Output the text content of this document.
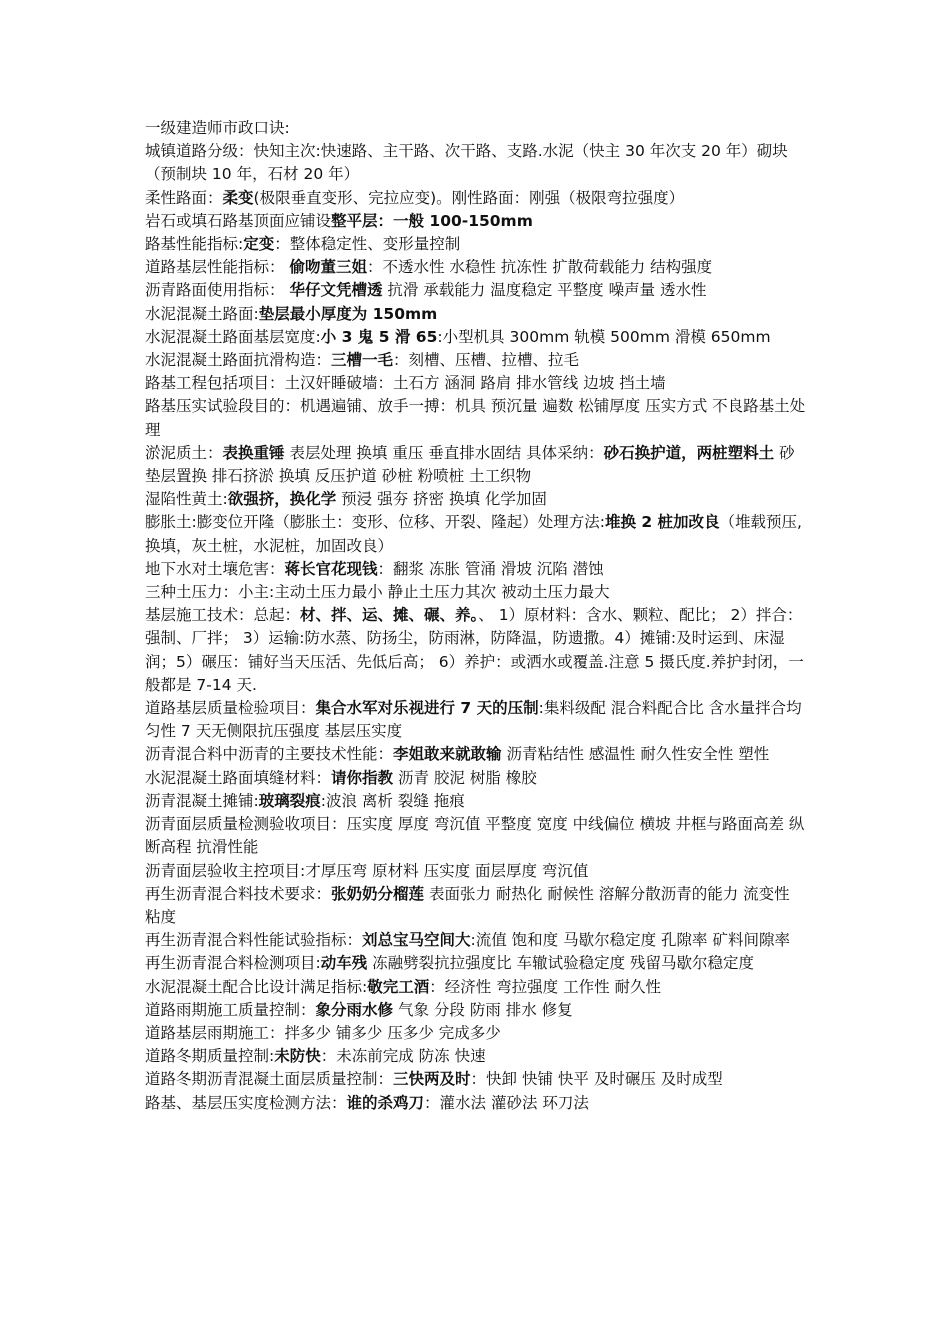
一级建造师市政口诀:

城镇道路分级：快知主次:快速路、主干路、次干路、支路.水泥（快主 30 年次支 20 年）砌块（预制块 10 年，石材 20 年）

柔性路面：柔变(极限垂直变形、完拉应变)。刚性路面：刚强（极限弯拉强度）

岩石或填石路基顶面应铺设整平层：一般 100-150mm

路基性能指标:定变：整体稳定性、变形量控制

道路基层性能指标： 偷吻董三姐：不透水性 水稳性 抗冻性 扩散荷载能力 结构强度

沥青路面使用指标： 华仔文凭槽透 抗滑 承载能力 温度稳定 平整度 噪声量 透水性

水泥混凝土路面:垫层最小厚度为 150mm

水泥混凝土路面基层宽度:小 3 鬼 5 滑 65:小型机具 300mm 轨模 500mm 滑模 650mm

水泥混凝土路面抗滑构造：三槽一毛：刻槽、压槽、拉槽、拉毛

路基工程包括项目：土汉奸睡破墙：土石方 涵洞 路肩 排水管线 边坡 挡土墙

路基压实试验段目的：机遇遍铺、放手一搏：机具 预沉量 遍数 松铺厚度 压实方式 不良路基土处理

淤泥质土：表换重锤 表层处理 换填 重压 垂直排水固结 具体采纳：砂石换护道，两桩塑料土 砂垫层置换 排石挤淤 换填 反压护道 砂桩 粉喷桩 土工织物

湿陷性黄土:欲强挤，换化学 预浸 强夯 挤密 换填 化学加固

膨胀土:膨变位开隆（膨胀土：变形、位移、开裂、隆起）处理方法:堆换 2 桩加改良（堆载预压,换填，灰土桩，水泥桩，加固改良）

地下水对土壤危害：蒋长官花现钱：翻浆 冻胀 管涌 滑坡 沉陷 潜蚀

三种土压力：小主:主动土压力最小 静止土压力其次 被动土压力最大

基层施工技术：总起：材、拌、运、摊、碾、养。、 1）原材料：含水、颗粒、配比； 2）拌合：强制、厂拌； 3）运输:防水蒸、防扬尘，防雨淋，防降温，防遗撒。4）摊铺:及时运到、床湿润；5）碾压：铺好当天压活、先低后高； 6）养护：或洒水或覆盖.注意 5 摄氏度.养护封闭，一般都是 7-14 天.

道路基层质量检验项目：集合水军对乐视进行 7 天的压制:集料级配 混合料配合比 含水量拌合均匀性 7 天无侧限抗压强度 基层压实度

沥青混合料中沥青的主要技术性能：李姐敢来就敢输 沥青粘结性 感温性 耐久性安全性 塑性

水泥混凝土路面填缝材料：请你指教 沥青 胶泥 树脂 橡胶

沥青混凝土摊铺:玻璃裂痕:波浪 离析 裂缝 拖痕

沥青面层质量检测验收项目：压实度 厚度 弯沉值 平整度 宽度 中线偏位 横坡 井框与路面高差 纵断高程 抗滑性能

沥青面层验收主控项目:才厚压弯 原材料 压实度 面层厚度 弯沉值

再生沥青混合料技术要求：张奶奶分榴莲 表面张力 耐热化 耐候性 溶解分散沥青的能力 流变性 粘度

再生沥青混合料性能试验指标：刘总宝马空间大:流值 饱和度 马歇尔稳定度 孔隙率 矿料间隙率

再生沥青混合料检测项目:动车残 冻融劈裂抗拉强度比 车辙试验稳定度 残留马歇尔稳定度

水泥混凝土配合比设计满足指标:敬完工酒：经济性 弯拉强度 工作性 耐久性

道路雨期施工质量控制：象分雨水修 气象 分段 防雨 排水 修复

道路基层雨期施工：拌多少 铺多少 压多少 完成多少

道路冬期质量控制:未防快：未冻前完成 防冻 快速

道路冬期沥青混凝土面层质量控制：三快两及时：快卸 快铺 快平 及时碾压 及时成型

路基、基层压实度检测方法：谁的杀鸡刀：灌水法 灌砂法 环刀法
